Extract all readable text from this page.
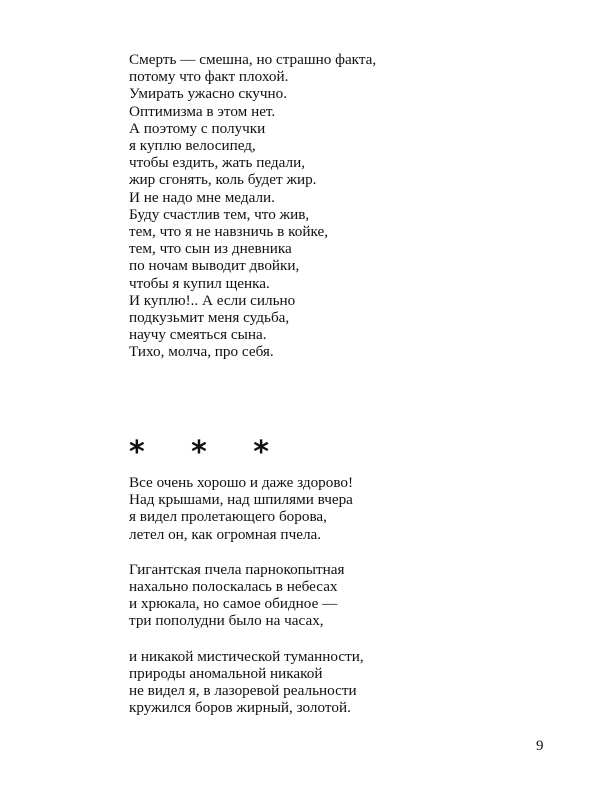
Смерть — смешна, но страшно факта,
потому что факт плохой.
Умирать ужасно скучно.
Оптимизма в этом нет.
А поэтому с получки
я куплю велосипед,
чтобы ездить, жать педали,
жир сгонять, коль будет жир.
И не надо мне медали.
Буду счастлив тем, что жив,
тем, что я не навзничь в койке,
тем, что сын из дневника
по ночам выводит двойки,
чтобы я купил щенка.
И куплю!.. А если сильно
подкузьмит меня судьба,
научу смеяться сына.
Тихо, молча, про себя.
* * *
Все очень хорошо и даже здорово!
Над крышами, над шпилями вчера
я видел пролетающего борова,
летел он, как огромная пчела.
Гигантская пчела парнокопытная
нахально полоскалась в небесах
и хрюкала, но самое обидное —
три пополудни было на часах,
и никакой мистической туманности,
природы аномальной никакой
не видел я, в лазоревой реальности
кружился боров жирный, золотой.
9
